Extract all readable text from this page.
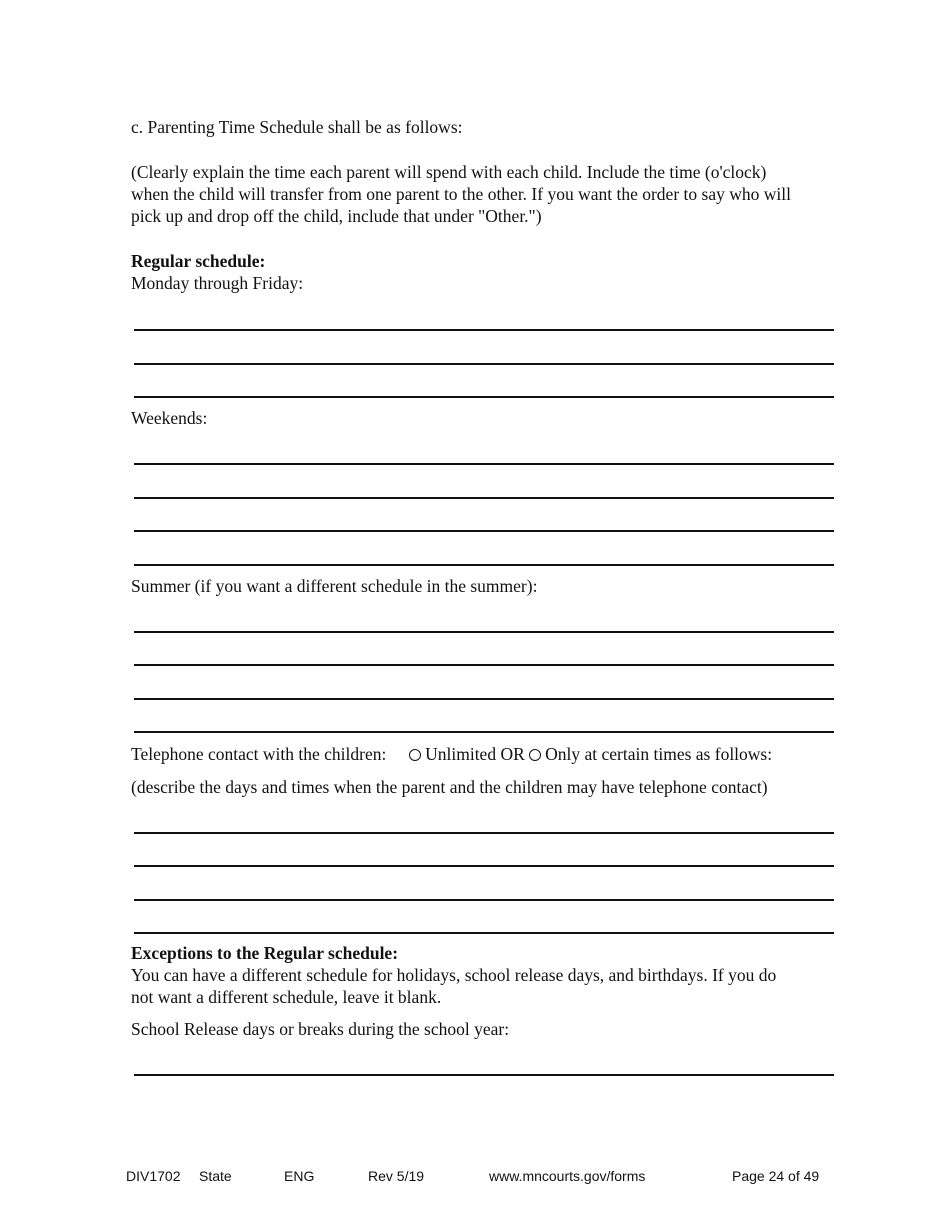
c. Parenting Time Schedule shall be as follows:
(Clearly explain the time each parent will spend with each child. Include the time (o'clock)
when the child will transfer from one parent to the other. If you want the order to say who will
pick up and drop off the child, include that under "Other.")
Regular schedule:
Monday through Friday:
Weekends:
Summer (if you want a different schedule in the summer):
Telephone contact with the children: Unlimited OR Only at certain times as follows:
(describe the days and times when the parent and the children may have telephone contact)
Exceptions to the Regular schedule:
You can have a different schedule for holidays, school release days, and birthdays. If you do
not want a different schedule, leave it blank.
School Release days or breaks during the school year:
DIV1702 State	ENG	Rev 5/19	www.mncourts.gov/forms	Page 24 of 49
